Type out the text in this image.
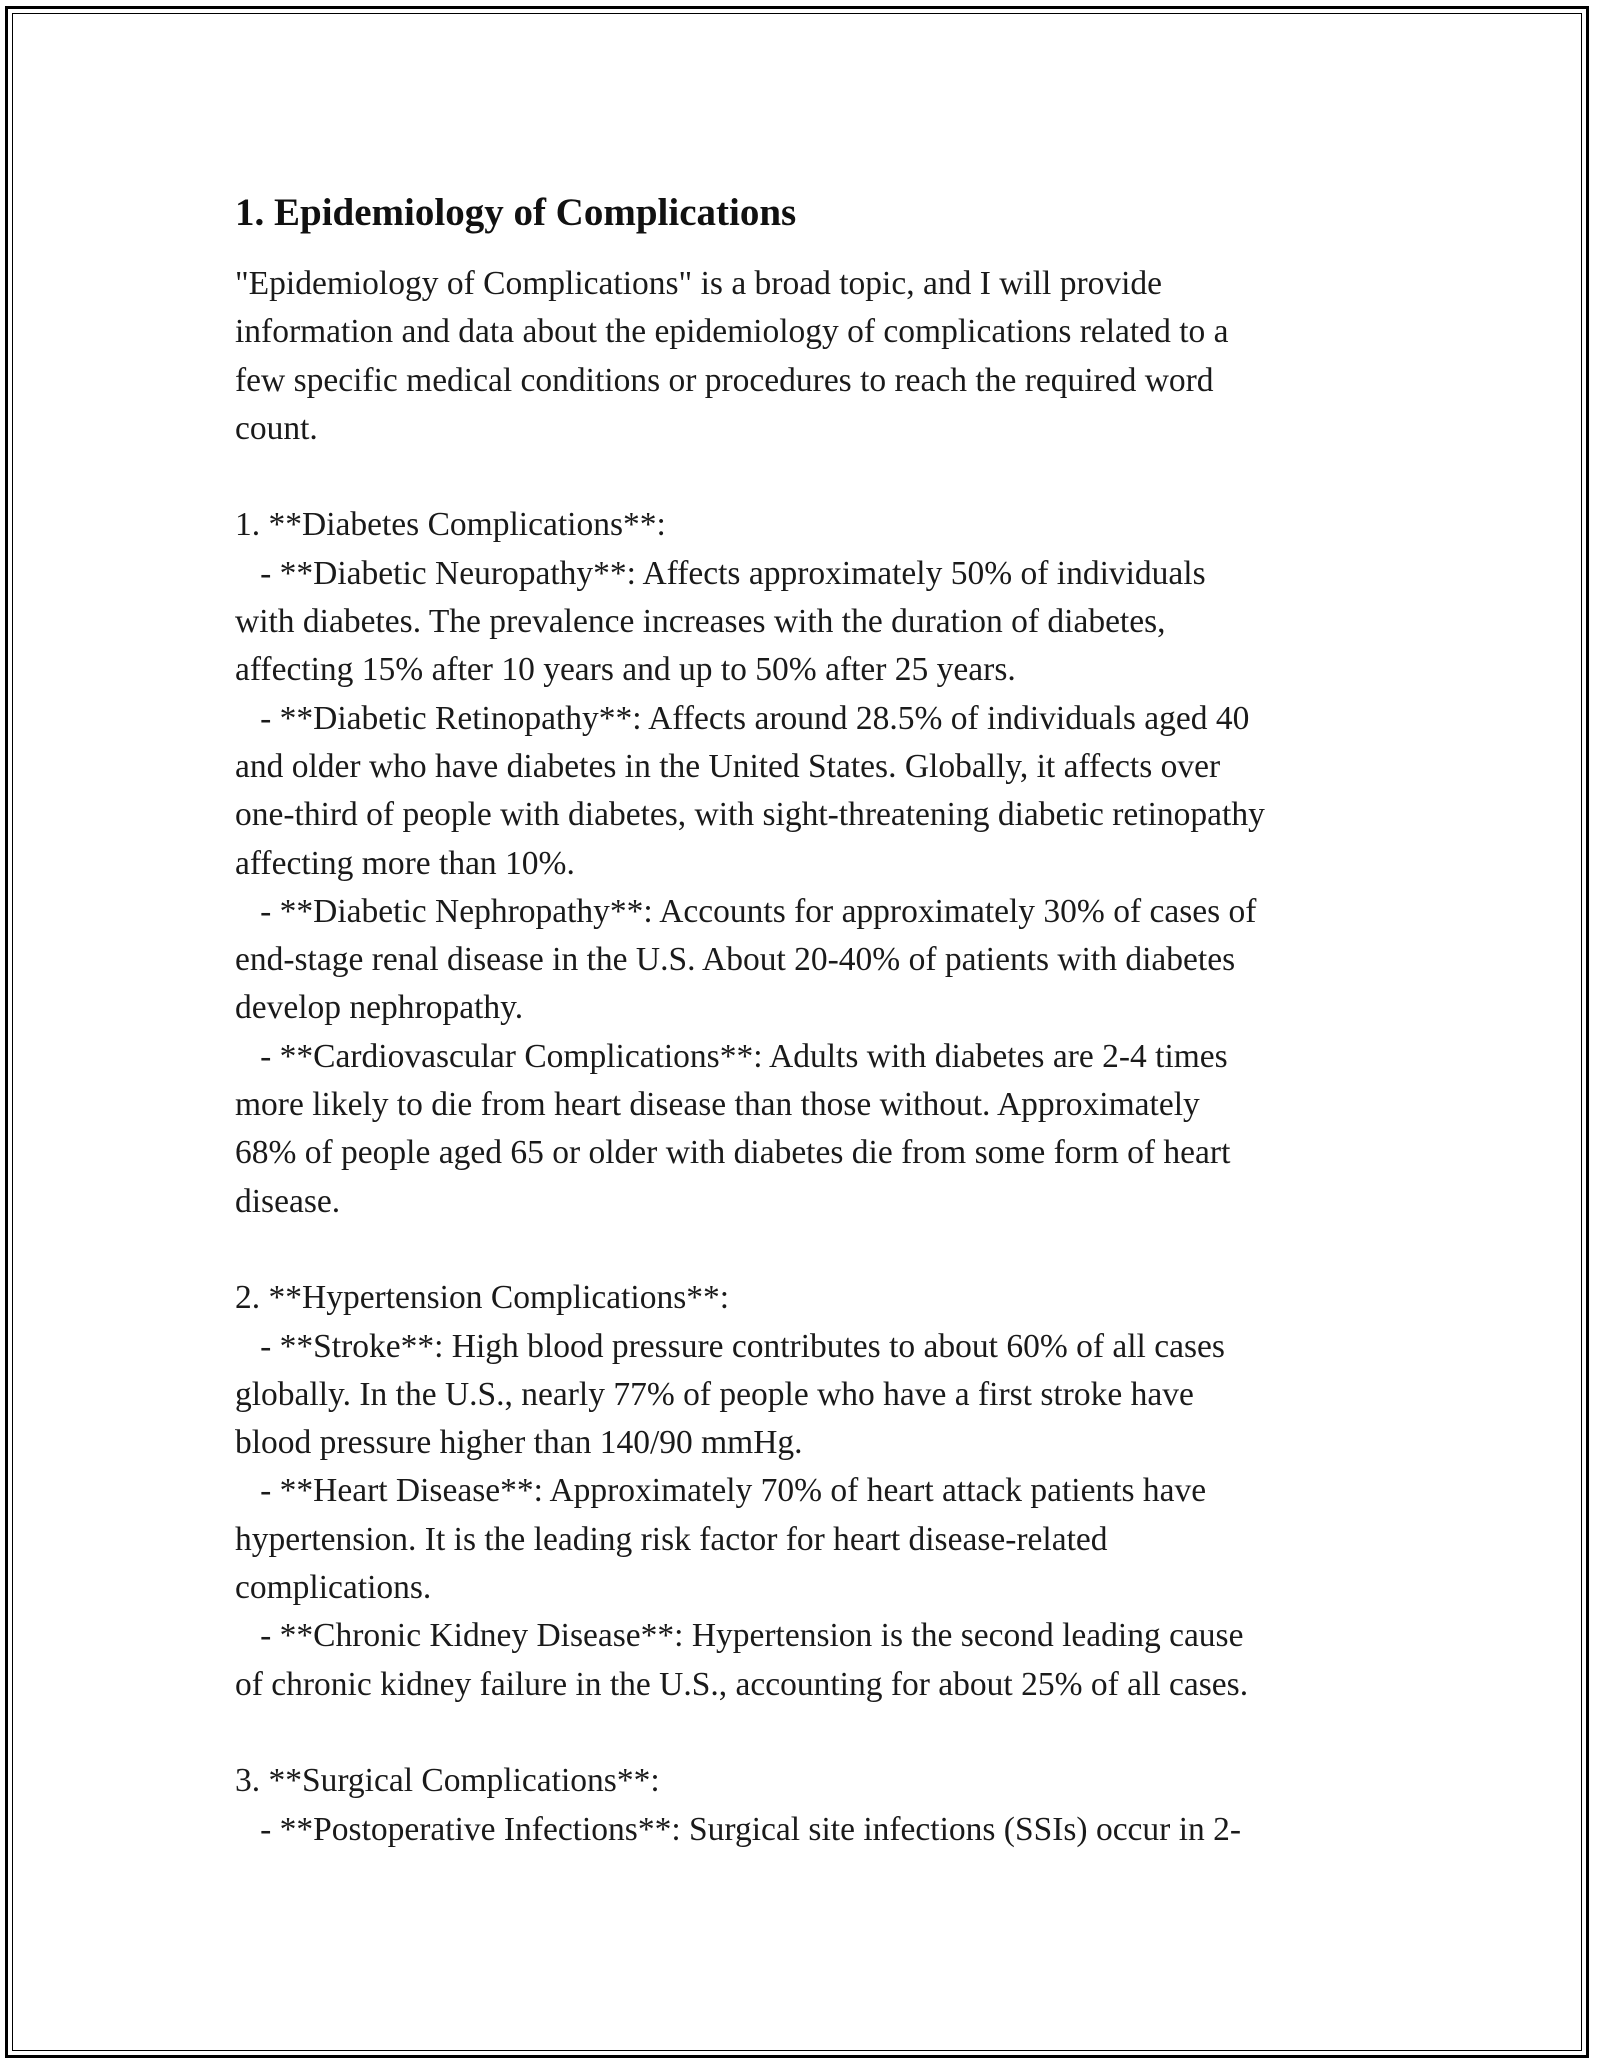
1. Epidemiology of Complications
"Epidemiology of Complications" is a broad topic, and I will provide
information and data about the epidemiology of complications related to a
few specific medical conditions or procedures to reach the required word
count.

1. **Diabetes Complications**:
- **Diabetic Neuropathy**: Affects approximately 50% of individuals
with diabetes. The prevalence increases with the duration of diabetes,
affecting 15% after 10 years and up to 50% after 25 years.
- **Diabetic Retinopathy**: Affects around 28.5% of individuals aged 40
and older who have diabetes in the United States. Globally, it affects over
one-third of people with diabetes, with sight-threatening diabetic retinopathy
affecting more than 10%.
- **Diabetic Nephropathy**: Accounts for approximately 30% of cases of
end-stage renal disease in the U.S. About 20-40% of patients with diabetes
develop nephropathy.
- **Cardiovascular Complications**: Adults with diabetes are 2-4 times
more likely to die from heart disease than those without. Approximately
68% of people aged 65 or older with diabetes die from some form of heart
disease.

2. **Hypertension Complications**:
- **Stroke**: High blood pressure contributes to about 60% of all cases
globally. In the U.S., nearly 77% of people who have a first stroke have
blood pressure higher than 140/90 mmHg.
- **Heart Disease**: Approximately 70% of heart attack patients have
hypertension. It is the leading risk factor for heart disease-related
complications.
- **Chronic Kidney Disease**: Hypertension is the second leading cause
of chronic kidney failure in the U.S., accounting for about 25% of all cases.

3. **Surgical Complications**:
- **Postoperative Infections**: Surgical site infections (SSIs) occur in 2-
